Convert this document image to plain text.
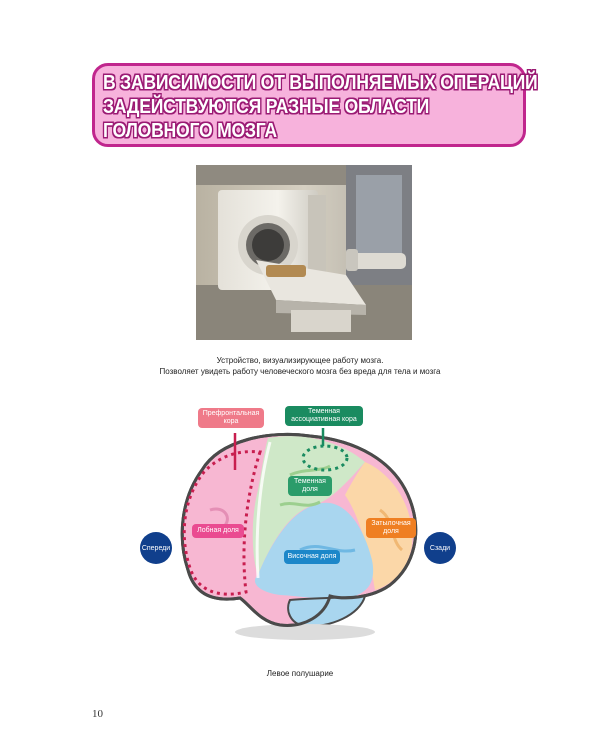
В ЗАВИСИМОСТИ ОТ ВЫПОЛНЯЕМЫХ ОПЕРАЦИЙ
ЗАДЕЙСТВУЮТСЯ РАЗНЫЕ ОБЛАСТИ
ГОЛОВНОГО МОЗГА
Устройство, визуализирующее работу мозга.
Позволяет увидеть работу человеческого мозга без вреда для тела и мозга
Префронтальная
кора
Теменная
ассоциативная кора
Теменная
доля
Лобная доля
Затылочная
доля
Височная доля
Спереди	Сзади
Левое полушарие
10
